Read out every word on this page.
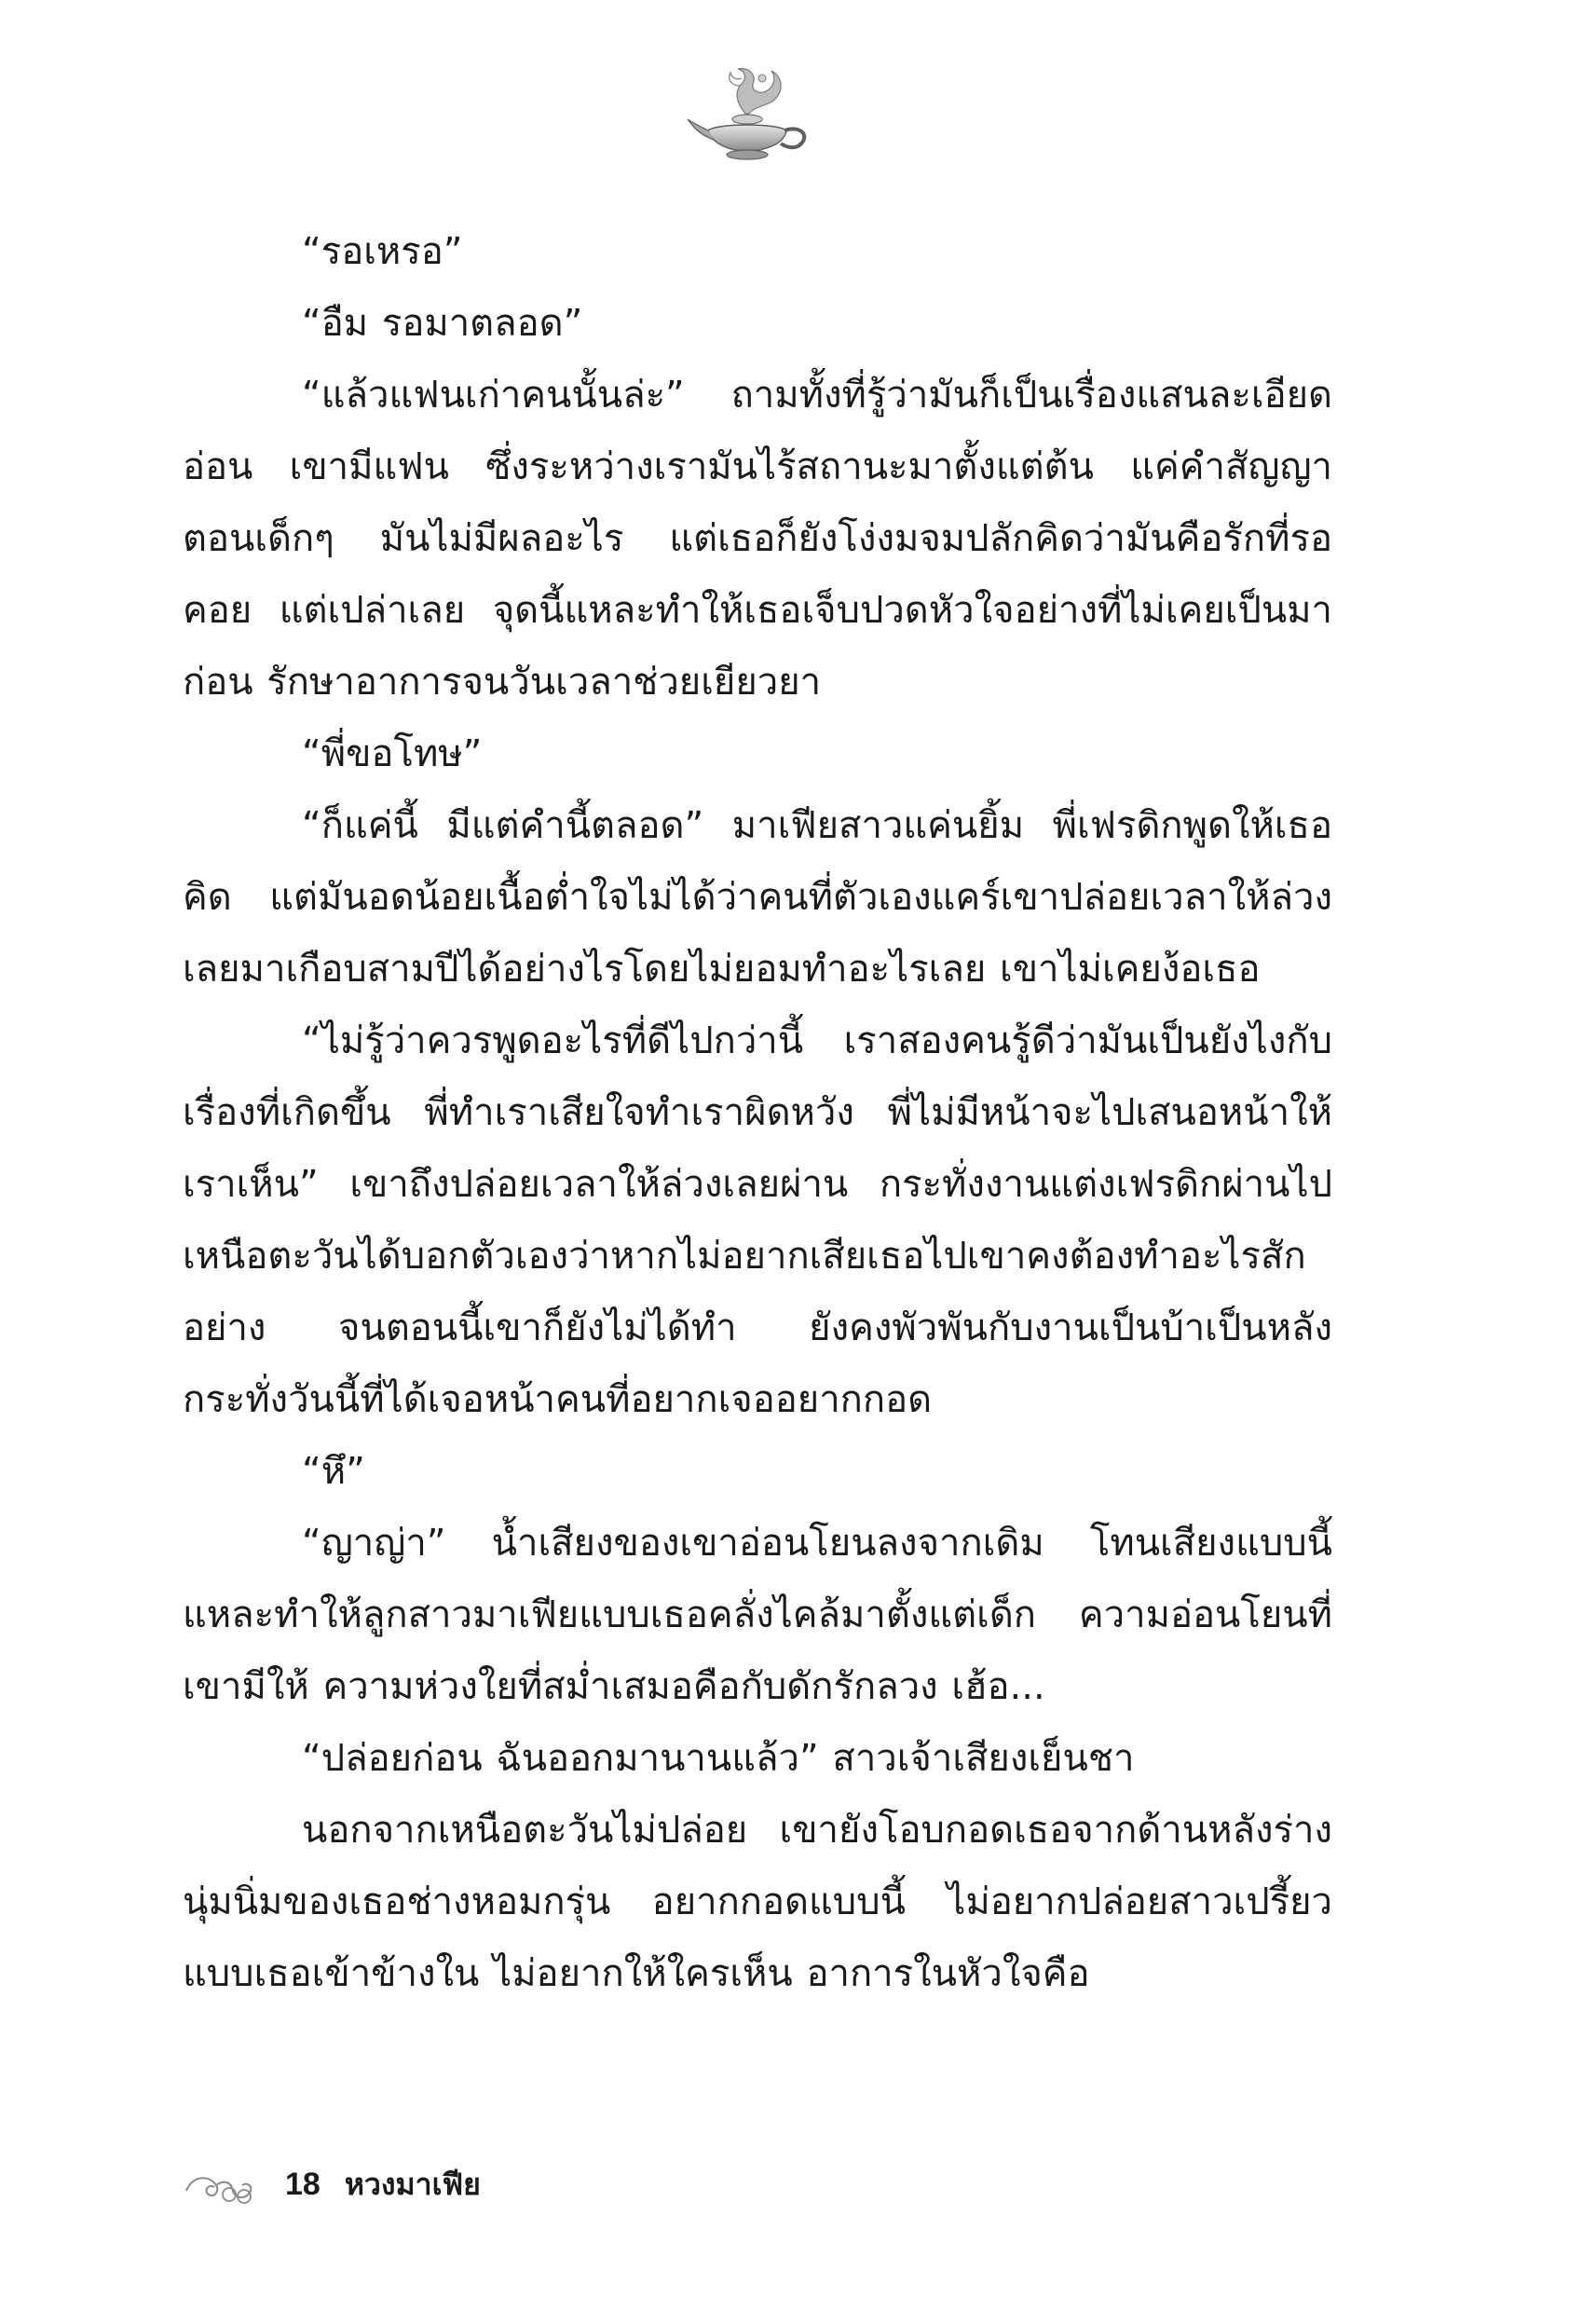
“รอเหรอ”

“อืม รอมาตลอด”

“แล้วแฟนเก่าคนนั้นล่ะ” ถามทั้งที่รู้ว่ามันก็เป็นเรื่องแสนละเอียดอ่อน เขามีแฟน ซึ่งระหว่างเรามันไร้สถานะมาตั้งแต่ต้น แค่คำสัญญาตอนเด็กๆ มันไม่มีผลอะไร แต่เธอก็ยังโง่งมจมปลักคิดว่ามันคือรักที่รอคอย แต่เปล่าเลย จุดนี้แหละทำให้เธอเจ็บปวดหัวใจอย่างที่ไม่เคยเป็นมาก่อน รักษาอาการจนวันเวลาช่วยเยียวยา

“พี่ขอโทษ”

“ก็แค่นี้ มีแต่คำนี้ตลอด” มาเฟียสาวแค่นยิ้ม พี่เฟรดิกพูดให้เธอคิด แต่มันอดน้อยเนื้อต่ำใจไม่ได้ว่าคนที่ตัวเองแคร์เขาปล่อยเวลาให้ล่วงเลยมาเกือบสามปีได้อย่างไรโดยไม่ยอมทำอะไรเลย เขาไม่เคยง้อเธอ

“ไม่รู้ว่าควรพูดอะไรที่ดีไปกว่านี้ เราสองคนรู้ดีว่ามันเป็นยังไงกับเรื่องที่เกิดขึ้น พี่ทำเราเสียใจทำเราผิดหวัง พี่ไม่มีหน้าจะไปเสนอหน้าให้เราเห็น” เขาถึงปล่อยเวลาให้ล่วงเลยผ่าน กระทั่งงานแต่งเฟรดิกผ่านไป เหนือตะวันได้บอกตัวเองว่าหากไม่อยากเสียเธอไปเขาคงต้องทำอะไรสักอย่าง จนตอนนี้เขาก็ยังไม่ได้ทำ ยังคงพัวพันกับงานเป็นบ้าเป็นหลัง กระทั่งวันนี้ที่ได้เจอหน้าคนที่อยากเจออยากกอด

“หึ”

“ญาญ่า” น้ำเสียงของเขาอ่อนโยนลงจากเดิม โทนเสียงแบบนี้แหละทำให้ลูกสาวมาเฟียแบบเธอคลั่งไคล้มาตั้งแต่เด็ก ความอ่อนโยนที่เขามีให้ ความห่วงใยที่สม่ำเสมอคือกับดักรักลวง เฮ้อ...

“ปล่อยก่อน ฉันออกมานานแล้ว” สาวเจ้าเสียงเย็นชา

นอกจากเหนือตะวันไม่ปล่อย เขายังโอบกอดเธอจากด้านหลังร่างนุ่มนิ่มของเธอช่างหอมกรุ่น อยากกอดแบบนี้ ไม่อยากปล่อยสาวเปรี้ยวแบบเธอเข้าข้างใน ไม่อยากให้ใครเห็น อาการในหัวใจคือ

18 หวงมาเฟีย
